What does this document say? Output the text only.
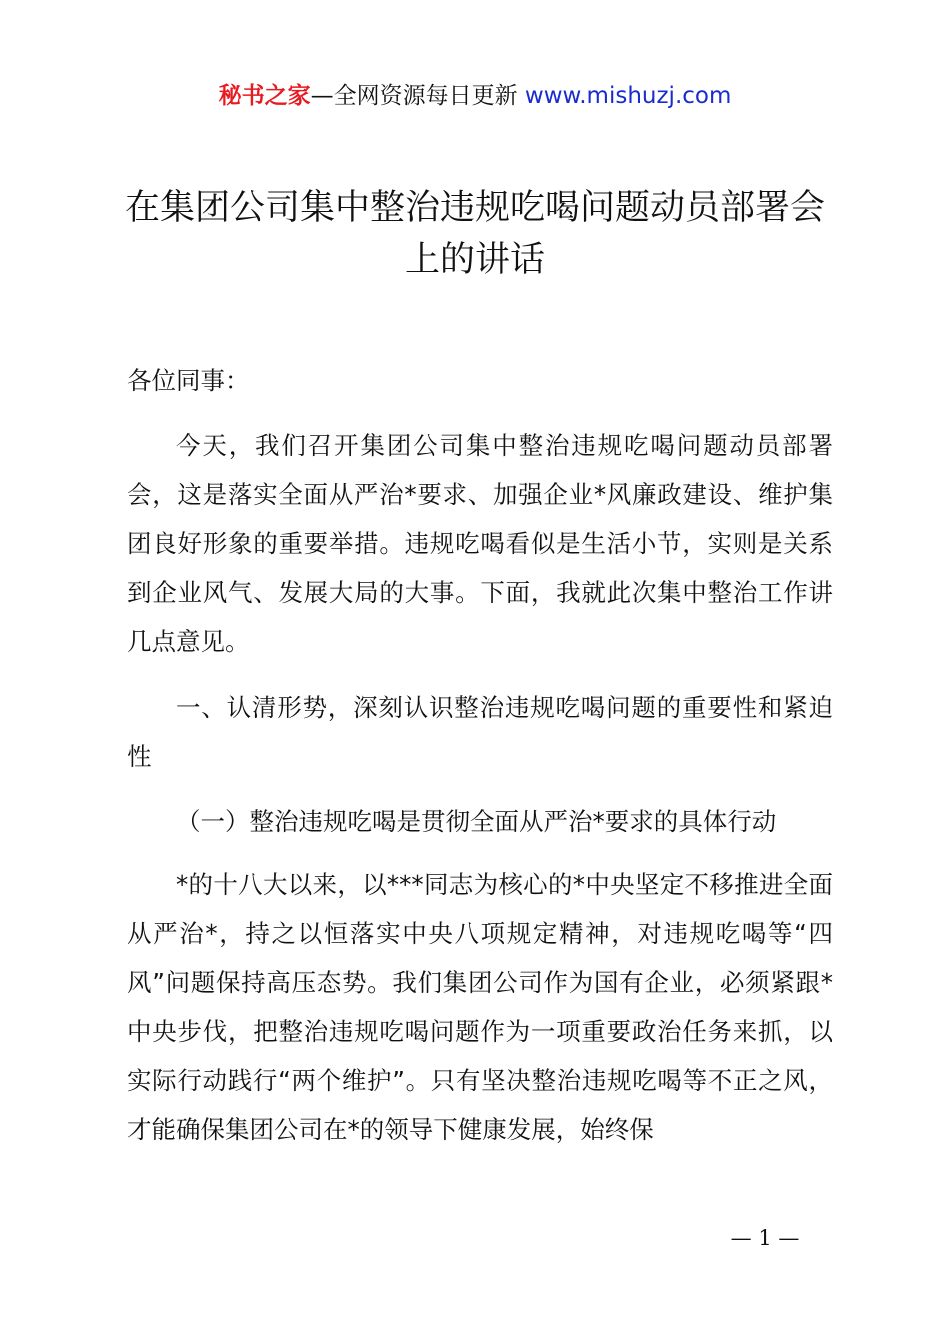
秘书之家—全网资源每日更新 www.mishuzj.com
在集团公司集中整治违规吃喝问题动员部署会上的讲话

各位同事：

今天，我们召开集团公司集中整治违规吃喝问题动员部署会，这是落实全面从严治*要求、加强企业*风廉政建设、维护集团良好形象的重要举措。违规吃喝看似是生活小节，实则是关系到企业风气、发展大局的大事。下面，我就此次集中整治工作讲几点意见。

一、认清形势，深刻认识整治违规吃喝问题的重要性和紧迫性

（一）整治违规吃喝是贯彻全面从严治*要求的具体行动

*的十八大以来，以***同志为核心的*中央坚定不移推进全面从严治*，持之以恒落实中央八项规定精神，对违规吃喝等“四风”问题保持高压态势。我们集团公司作为国有企业，必须紧跟*中央步伐，把整治违规吃喝问题作为一项重要政治任务来抓，以实际行动践行“两个维护”。只有坚决整治违规吃喝等不正之风，才能确保集团公司在*的领导下健康发展，始终保

— 1 —
